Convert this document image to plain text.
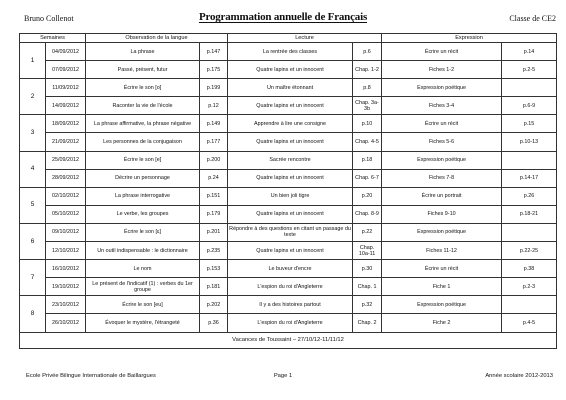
Bruno Collenot	Programmation annuelle de Français	Classe de CE2
Semaines		Observation de la langue		Lecture		Expression	
1	04/09/2012	La phrase	p.147	La rentrée des classes	p.6	Écrire un récit	p.14
	07/09/2012	Passé, présent, futur	p.175	Quatre lapins et un innocent	Chap. 1-2	Fiches 1-2	p.2-5
2	11/09/2012	Écrire le son [o]	p.199	Un maître étonnant	p.8	Expression poétique	
	14/09/2012	Raconter la vie de l'école	p.12	Quatre lapins et un innocent	Chap. 3a-3b	Fiches 3-4	p.6-9
3	18/09/2012	La phrase affirmative, la phrase négative	p.149	Apprendre à lire une consigne	p.10	Écrire un récit	p.15
	21/09/2012	Les personnes de la conjugaison	p.177	Quatre lapins et un innocent	Chap. 4-5	Fiches 5-6	p.10-13
4	25/09/2012	Écrire le son [e]	p.200	Sacrée rencontre	p.18	Expression poétique	
	28/09/2012	Décrire un personnage	p.24	Quatre lapins et un innocent	Chap. 6-7	Fiches 7-8	p.14-17
5	02/10/2012	La phrase interrogative	p.151	Un bien joli tigre	p.20	Écrire un portrait	p.26
	05/10/2012	Le verbe, les groupes	p.179	Quatre lapins et un innocent	Chap. 8-9	Fiches 9-10	p.18-21
6	09/10/2012	Écrire le son [ɛ]	p.201	Répondre à des questions en citant un passage du texte	p.22	Expression poétique	
	12/10/2012	Un outil indispensable : le dictionnaire	p.235	Quatre lapins et un innocent	Chap. 10a-11	Fiches 11-12	p.22-25
7	16/10/2012	Le nom	p.153	Le buveur d'encre	p.30	Écrire un récit	p.38
	19/10/2012	Le présent de l'indicatif (1) : verbes du 1er groupe	p.181	L'espion du roi d'Angleterre	Chap. 1	Fiche 1	p.2-3
8	23/10/2012	Écrire le son [eu]	p.202	Il y a des histoires partout	p.32	Expression poétique	
	26/10/2012	Évoquer le mystère, l'étrangeté	p.36	L'espion du roi d'Angleterre	Chap. 2	Fiche 2	p.4-5
Vacances de Toussaint – 27/10/12-11/11/12							
Ecole Privée Bilingue Internationale de Baillargues	Page 1	Année scolaire 2012-2013
